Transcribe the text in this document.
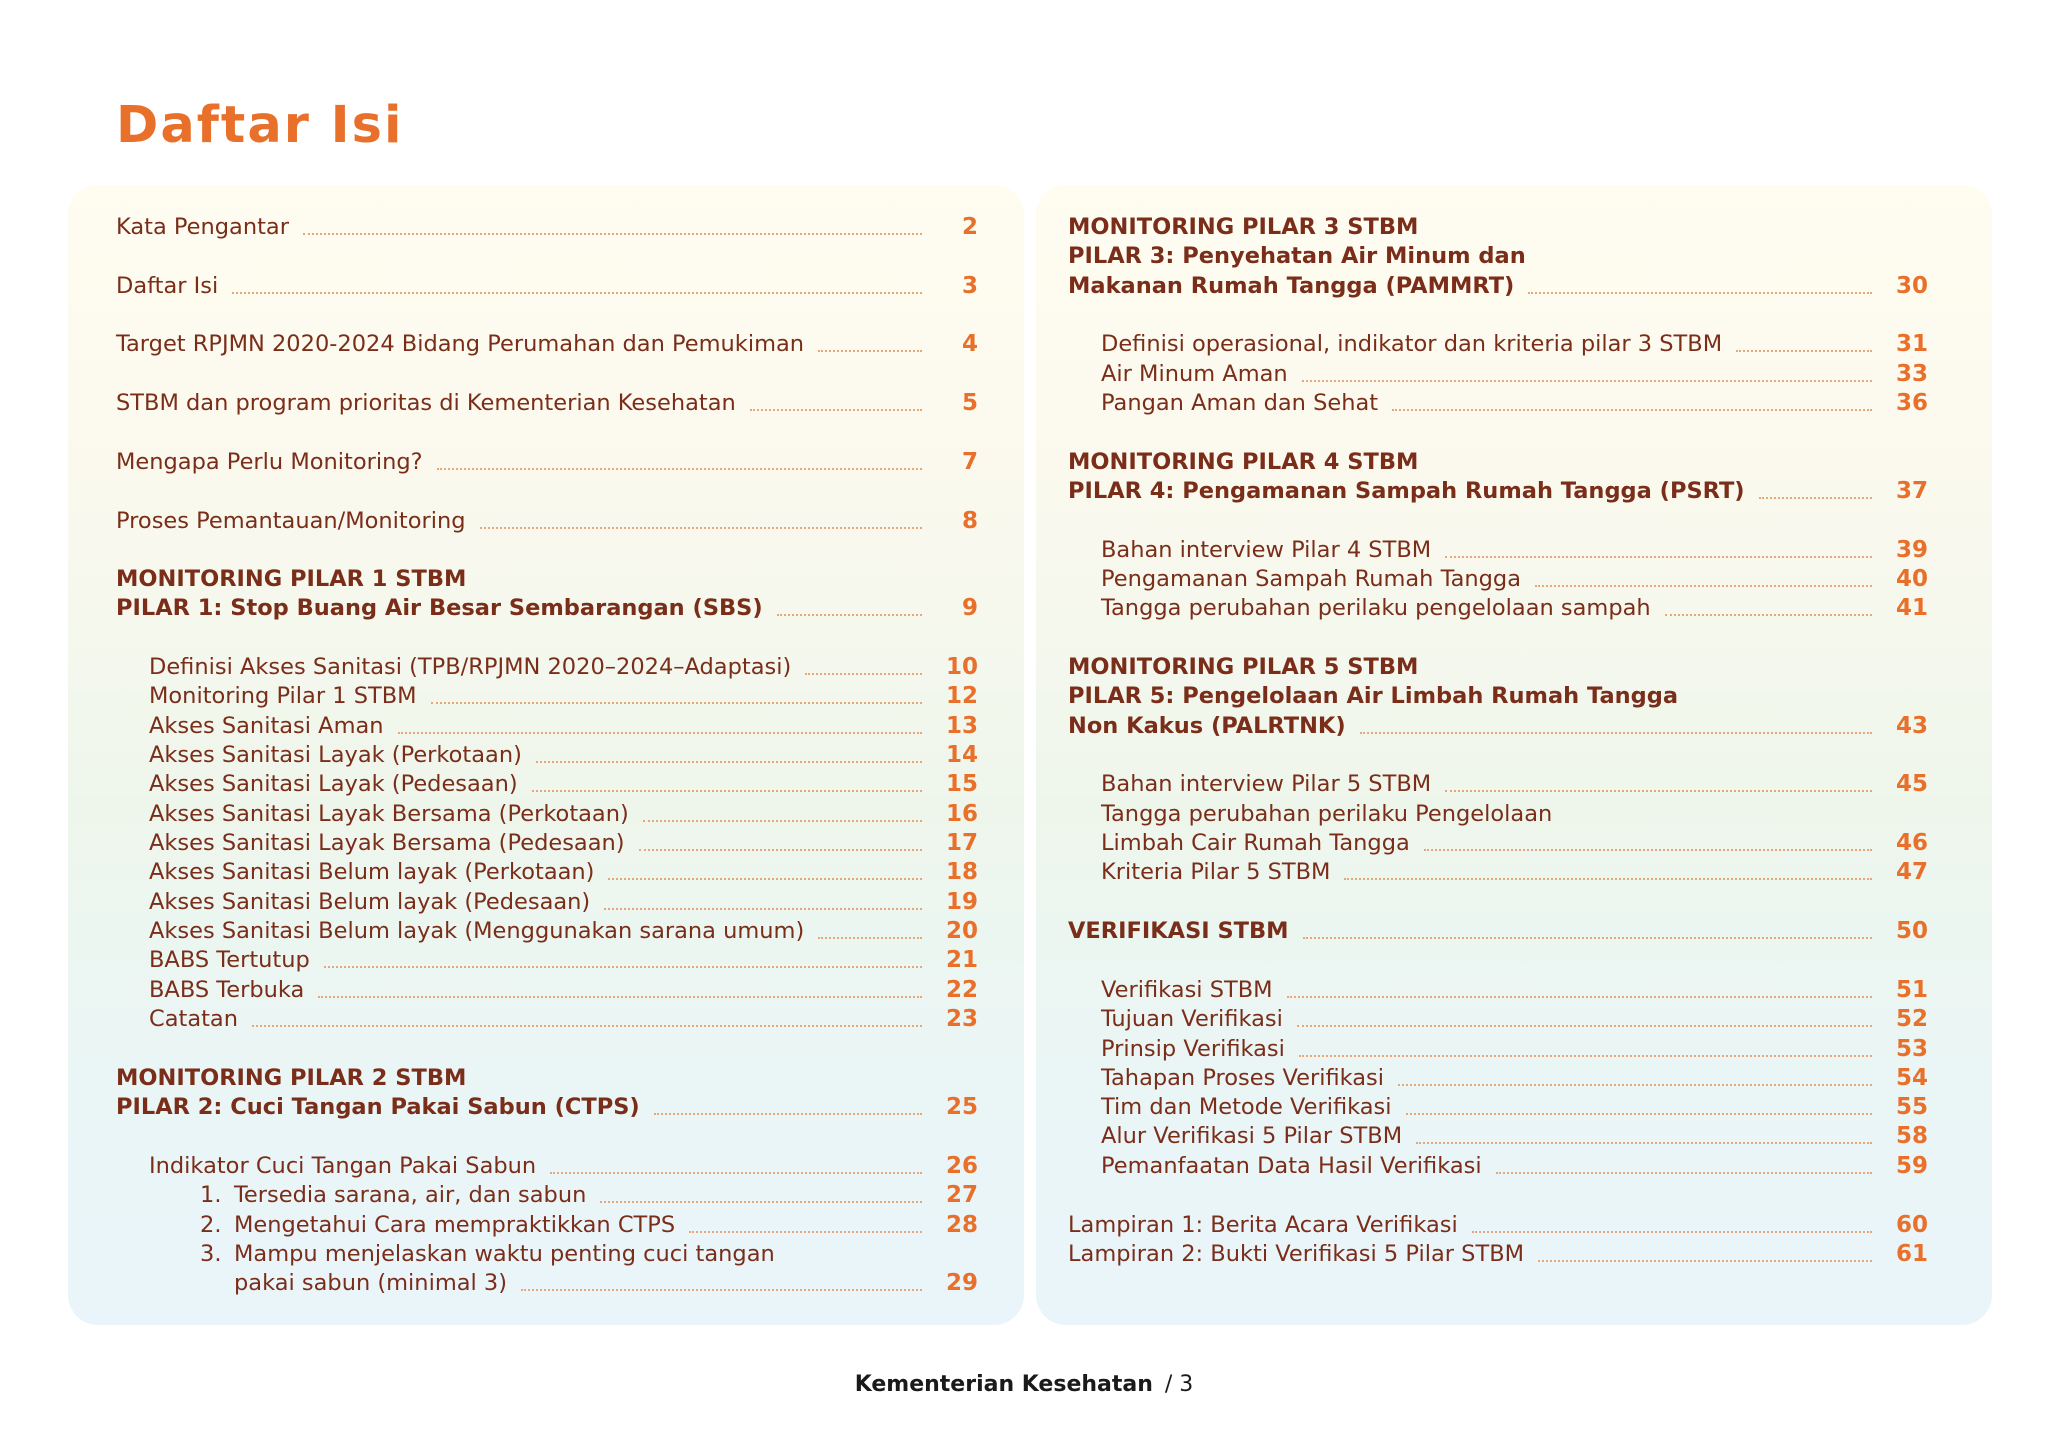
Daftar Isi
Kata Pengantar	2
Daftar Isi	3
Target RPJMN 2020-2024 Bidang Perumahan dan Pemukiman	4
STBM dan program prioritas di Kementerian Kesehatan	5
Mengapa Perlu Monitoring?	7
Proses Pemantauan/Monitoring	8
MONITORING PILAR 1 STBM
PILAR 1: Stop Buang Air Besar Sembarangan (SBS)	9
Definisi Akses Sanitasi (TPB/RPJMN 2020–2024–Adaptasi)	10
Monitoring Pilar 1 STBM	12
Akses Sanitasi Aman	13
Akses Sanitasi Layak (Perkotaan)	14
Akses Sanitasi Layak (Pedesaan)	15
Akses Sanitasi Layak Bersama (Perkotaan)	16
Akses Sanitasi Layak Bersama (Pedesaan)	17
Akses Sanitasi Belum layak (Perkotaan)	18
Akses Sanitasi Belum layak (Pedesaan)	19
Akses Sanitasi Belum layak (Menggunakan sarana umum)	20
BABS Tertutup	21
BABS Terbuka	22
Catatan	23
MONITORING PILAR 2 STBM
PILAR 2: Cuci Tangan Pakai Sabun (CTPS)	25
Indikator Cuci Tangan Pakai Sabun	26
1. Tersedia sarana, air, dan sabun	27
2. Mengetahui Cara mempraktikkan CTPS	28
3. Mampu menjelaskan waktu penting cuci tangan
pakai sabun (minimal 3)	29
MONITORING PILAR 3 STBM
PILAR 3: Penyehatan Air Minum dan
Makanan Rumah Tangga (PAMMRT)	30
Definisi operasional, indikator dan kriteria pilar 3 STBM	31
Air Minum Aman	33
Pangan Aman dan Sehat	36
MONITORING PILAR 4 STBM
PILAR 4: Pengamanan Sampah Rumah Tangga (PSRT)	37
Bahan interview Pilar 4 STBM	39
Pengamanan Sampah Rumah Tangga	40
Tangga perubahan perilaku pengelolaan sampah	41
MONITORING PILAR 5 STBM
PILAR 5: Pengelolaan Air Limbah Rumah Tangga
Non Kakus (PALRTNK)	43
Bahan interview Pilar 5 STBM	45
Tangga perubahan perilaku Pengelolaan
Limbah Cair Rumah Tangga	46
Kriteria Pilar 5 STBM	47
VERIFIKASI STBM	50
Verifikasi STBM	51
Tujuan Verifikasi	52
Prinsip Verifikasi	53
Tahapan Proses Verifikasi	54
Tim dan Metode Verifikasi	55
Alur Verifikasi 5 Pilar STBM	58
Pemanfaatan Data Hasil Verifikasi	59
Lampiran 1: Berita Acara Verifikasi	60
Lampiran 2: Bukti Verifikasi 5 Pilar STBM	61
Kementerian Kesehatan / 3
